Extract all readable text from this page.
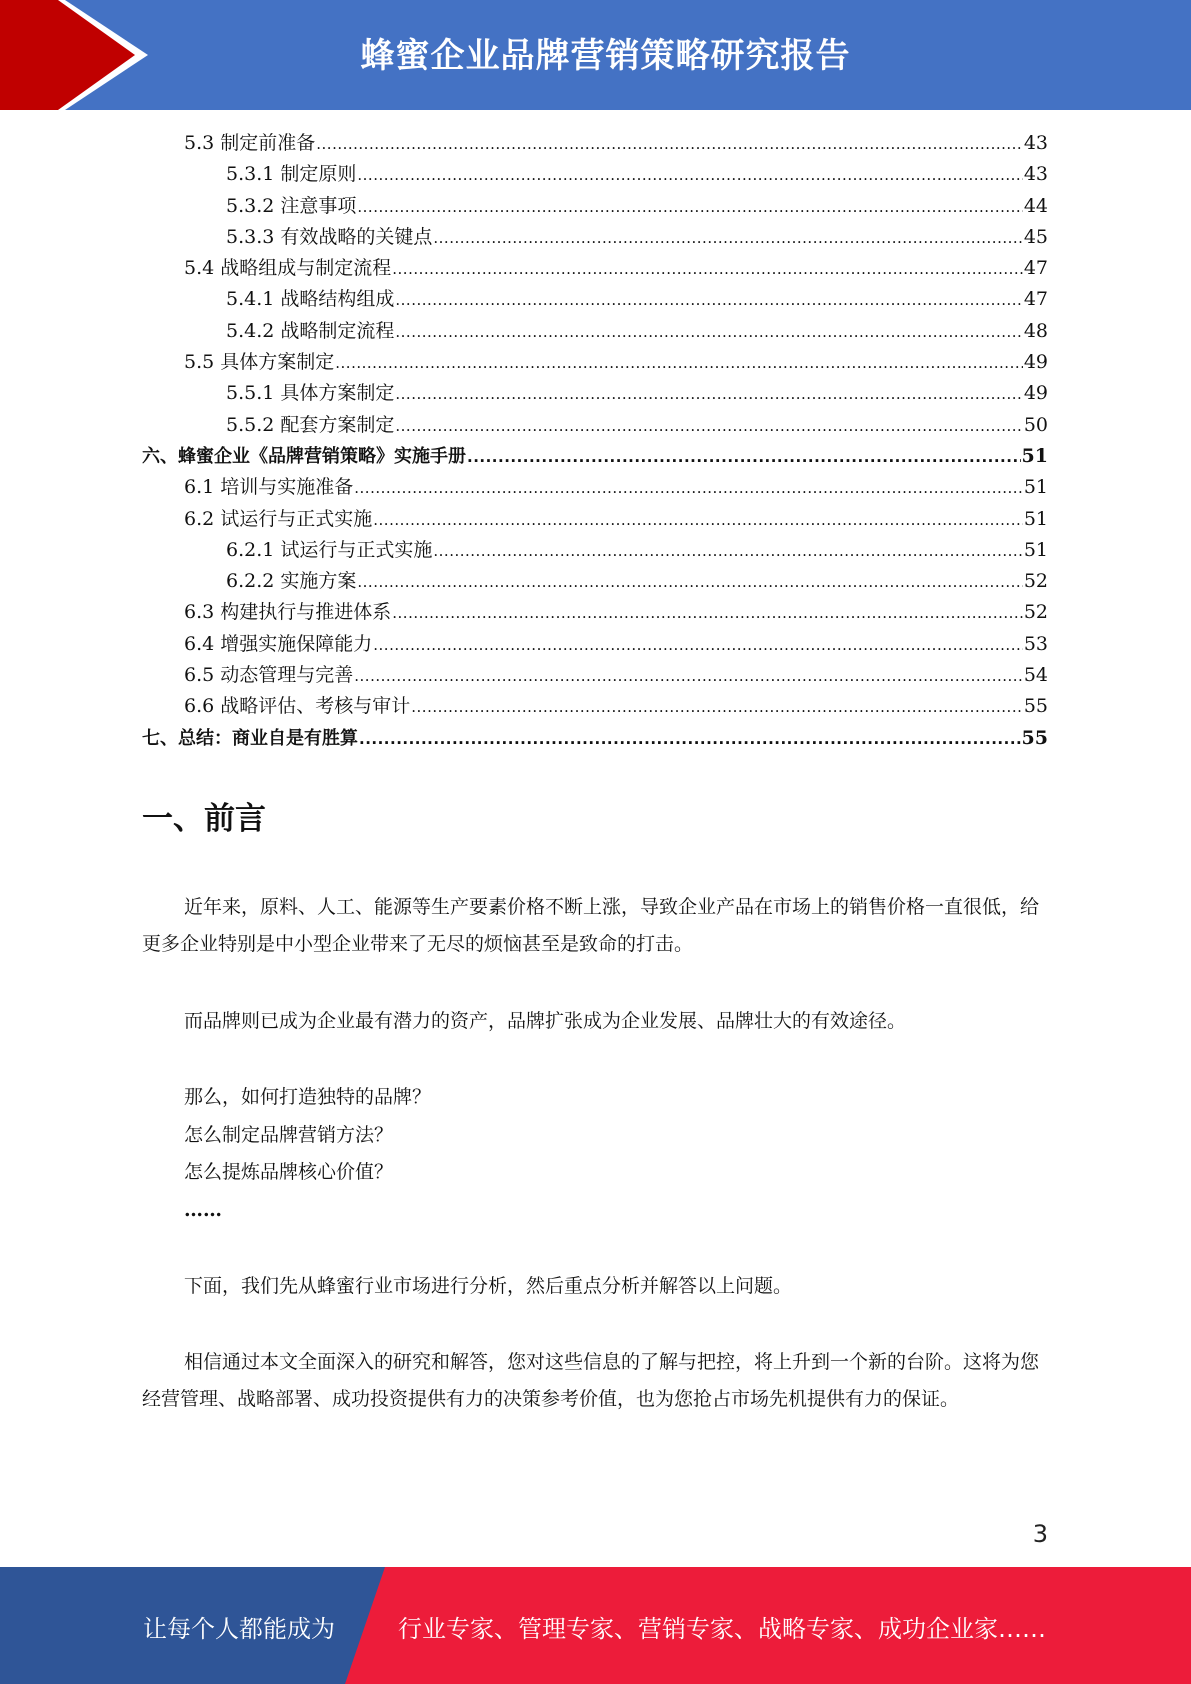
蜂蜜企业品牌营销策略研究报告
5.3 制定前准备 .....	43
5.3.1 制定原则 .....	43
5.3.2 注意事项 .....	44
5.3.3 有效战略的关键点 .....	45
5.4 战略组成与制定流程 .....	47
5.4.1 战略结构组成 .....	47
5.4.2 战略制定流程 .....	48
5.5 具体方案制定 .....	49
5.5.1 具体方案制定 .....	49
5.5.2 配套方案制定 .....	50
六、蜂蜜企业《品牌营销策略》实施手册 .....	51
6.1 培训与实施准备 .....	51
6.2 试运行与正式实施 .....	51
6.2.1 试运行与正式实施 .....	51
6.2.2 实施方案 .....	52
6.3 构建执行与推进体系 .....	52
6.4 增强实施保障能力 .....	53
6.5 动态管理与完善 .....	54
6.6 战略评估、考核与审计 .....	55
七、总结：商业自是有胜算 .....	55
一、前言

近年来，原料、人工、能源等生产要素价格不断上涨，导致企业产品在市场上的销售价格一直很低，给更多企业特别是中小型企业带来了无尽的烦恼甚至是致命的打击。

而品牌则已成为企业最有潜力的资产，品牌扩张成为企业发展、品牌壮大的有效途径。

那么，如何打造独特的品牌？
怎么制定品牌营销方法？
怎么提炼品牌核心价值？
……

下面，我们先从蜂蜜行业市场进行分析，然后重点分析并解答以上问题。

相信通过本文全面深入的研究和解答，您对这些信息的了解与把控，将上升到一个新的台阶。这将为您经营管理、战略部署、成功投资提供有力的决策参考价值，也为您抢占市场先机提供有力的保证。

3
让每个人都能成为	行业专家、管理专家、营销专家、战略专家、成功企业家……
